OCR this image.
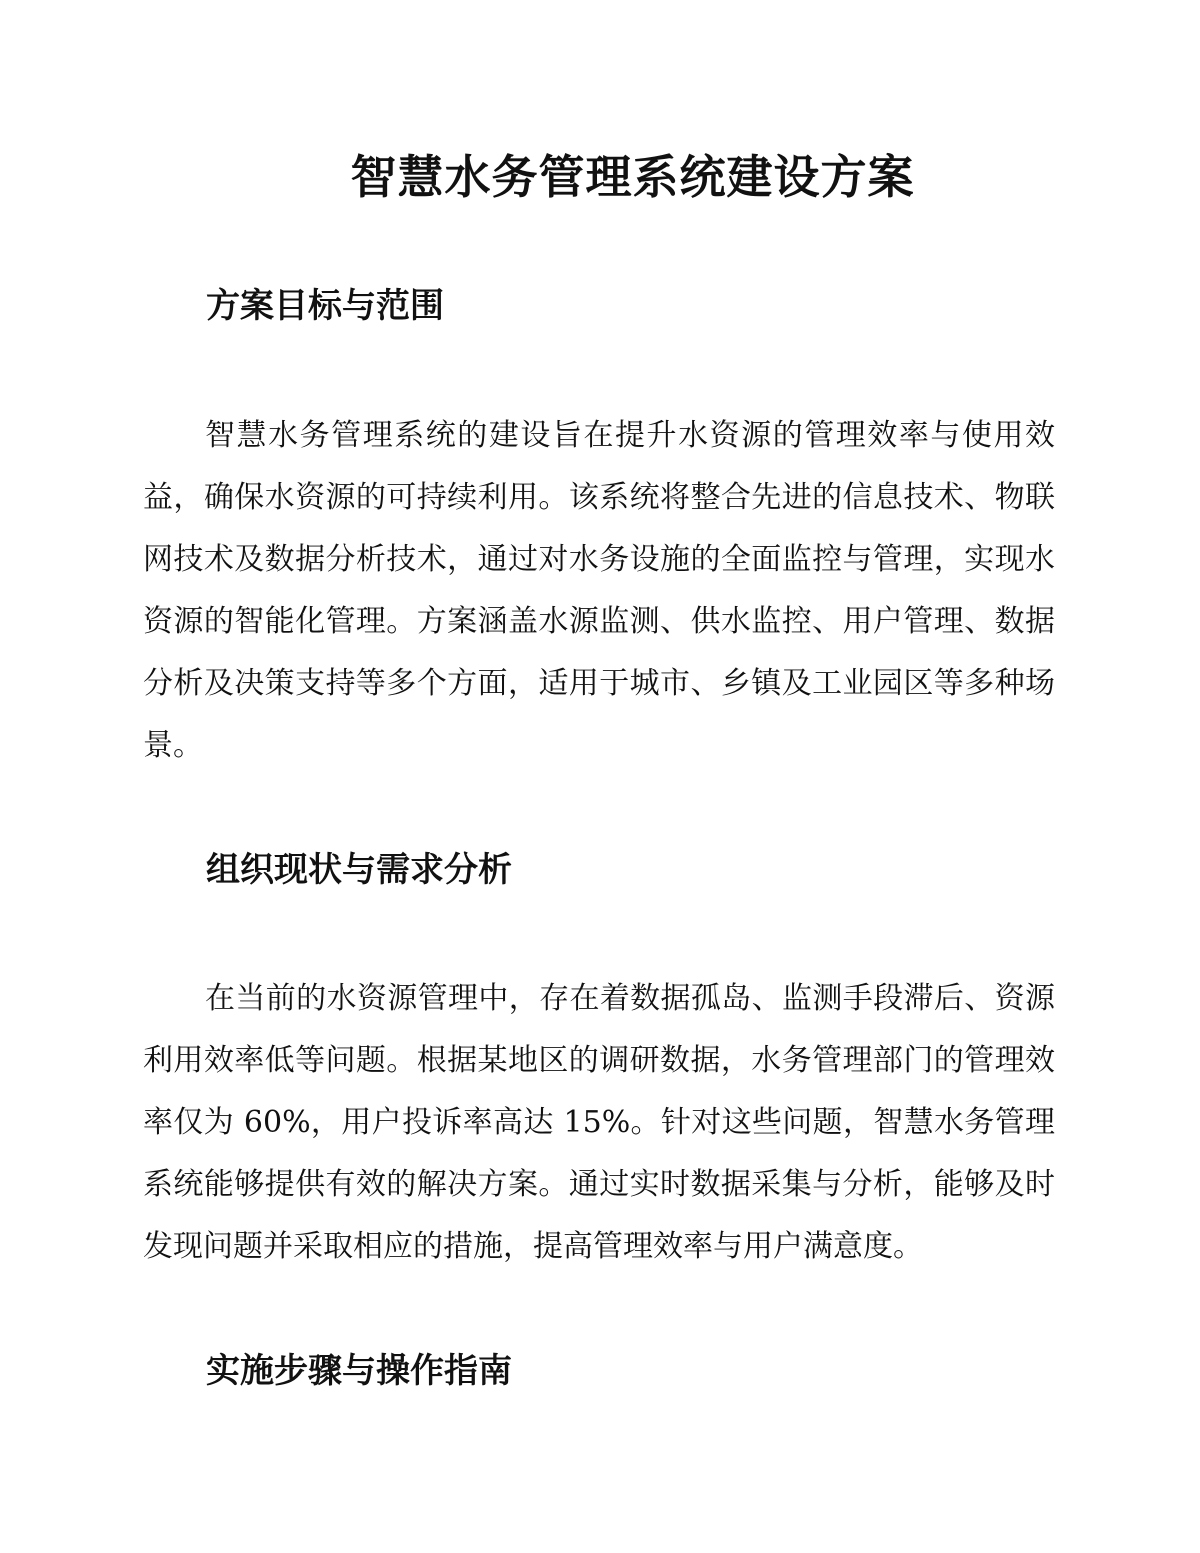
智慧水务管理系统建设方案
方案目标与范围

智慧水务管理系统的建设旨在提升水资源的管理效率与使用效益，确保水资源的可持续利用。该系统将整合先进的信息技术、物联网技术及数据分析技术，通过对水务设施的全面监控与管理，实现水资源的智能化管理。方案涵盖水源监测、供水监控、用户管理、数据分析及决策支持等多个方面，适用于城市、乡镇及工业园区等多种场景。

组织现状与需求分析

在当前的水资源管理中，存在着数据孤岛、监测手段滞后、资源利用效率低等问题。根据某地区的调研数据，水务管理部门的管理效率仅为 60%，用户投诉率高达 15%。针对这些问题，智慧水务管理系统能够提供有效的解决方案。通过实时数据采集与分析，能够及时发现问题并采取相应的措施，提高管理效率与用户满意度。

实施步骤与操作指南
